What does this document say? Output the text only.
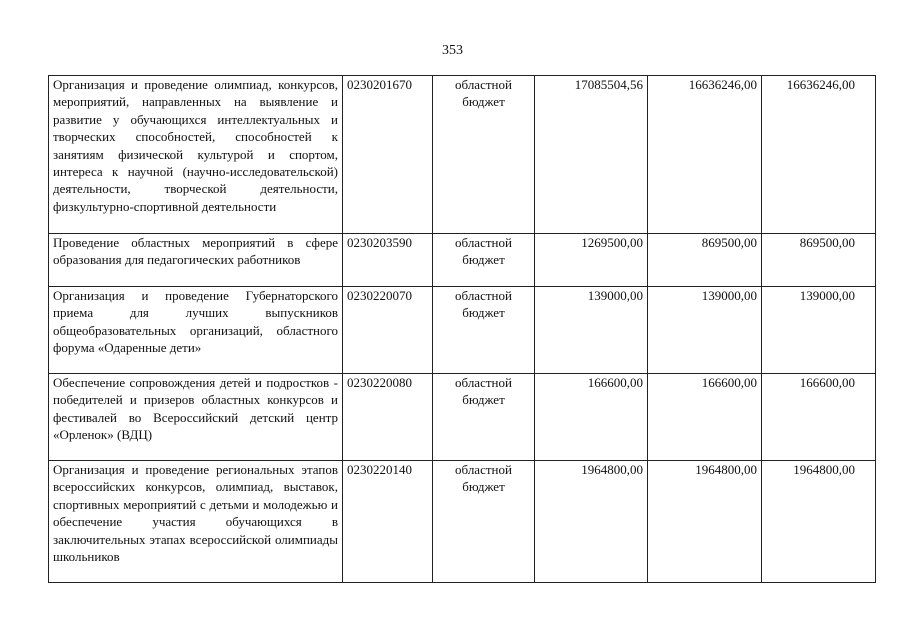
353
Организация и проведение олимпиад, конкурсов, мероприятий, направленных на выявление и развитие у обучающихся интеллектуальных и творческих способностей, способностей к занятиям физической культурой и спортом, интереса к научной (научно-исследовательской) деятельности, творческой деятельности, физкультурно-спортивной деятельности	0230201670	областной бюджет	17085504,56	16636246,00	16636246,00
Проведение областных мероприятий в сфере образования для педагогических работников	0230203590	областной бюджет	1269500,00	869500,00	869500,00
Организация и проведение Губернаторского приема для лучших выпускников общеобразовательных организаций, областного форума «Одаренные дети»	0230220070	областной бюджет	139000,00	139000,00	139000,00
Обеспечение сопровождения детей и подростков - победителей и призеров областных конкурсов и фестивалей во Всероссийский детский центр «Орленок» (ВДЦ)	0230220080	областной бюджет	166600,00	166600,00	166600,00
Организация и проведение региональных этапов всероссийских конкурсов, олимпиад, выставок, спортивных мероприятий с детьми и молодежью и обеспечение участия обучающихся в заключительных этапах всероссийской олимпиады школьников	0230220140	областной бюджет	1964800,00	1964800,00	1964800,00
